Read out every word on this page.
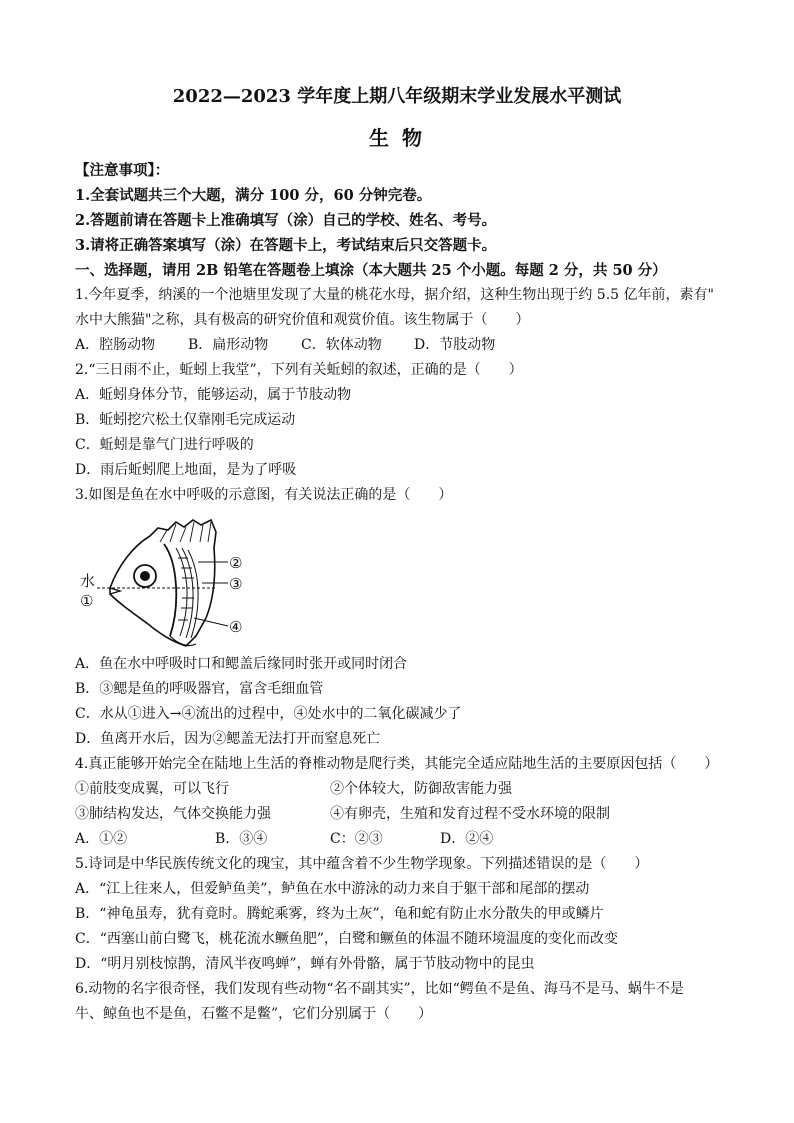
2022—2023 学年度上期八年级期末学业发展水平测试
生 物
【注意事项】：
1.全套试题共三个大题，满分 100 分，60 分钟完卷。
2.答题前请在答题卡上准确填写（涂）自己的学校、姓名、考号。
3.请将正确答案填写（涂）在答题卡上，考试结束后只交答题卡。
一、选择题，请用 2B 铅笔在答题卷上填涂（本大题共 25 个小题。每题 2 分，共 50 分）
1.今年夏季，纳溪的一个池塘里发现了大量的桃花水母，据介绍，这种生物出现于约 5.5 亿年前，素有"
水中大熊猫"之称，具有极高的研究价值和观赏价值。该生物属于（　　）
A．腔肠动物	B．扁形动物	C．软体动物	D．节肢动物
2.“三日雨不止，蚯蚓上我堂”，下列有关蚯蚓的叙述，正确的是（　　）
A．蚯蚓身体分节，能够运动，属于节肢动物
B．蚯蚓挖穴松土仅靠刚毛完成运动
C．蚯蚓是靠气门进行呼吸的
D．雨后蚯蚓爬上地面，是为了呼吸
3.如图是鱼在水中呼吸的示意图，有关说法正确的是（　　）
水
①
②
③
④
A．鱼在水中呼吸时口和鳃盖后缘同时张开或同时闭合
B．③鳃是鱼的呼吸器官，富含毛细血管
C．水从①进入→④流出的过程中，④处水中的二氧化碳减少了
D．鱼离开水后，因为②鳃盖无法打开而窒息死亡
4.真正能够开始完全在陆地上生活的脊椎动物是爬行类，其能完全适应陆地生活的主要原因包括（　　）
①前肢变成翼，可以飞行	②个体较大，防御敌害能力强
③肺结构发达，气体交换能力强	④有卵壳，生殖和发育过程不受水环境的限制
A．①②	B．③④	C：②③	D．②④
5.诗词是中华民族传统文化的瑰宝，其中蕴含着不少生物学现象。下列描述错误的是（　　）
A．“江上往来人，但爱鲈鱼美”，鲈鱼在水中游泳的动力来自于躯干部和尾部的摆动
B．“神龟虽寿，犹有竟时。腾蛇乘雾，终为土灰”，龟和蛇有防止水分散失的甲或鳞片
C．“西塞山前白鹭飞，桃花流水鳜鱼肥”，白鹭和鳜鱼的体温不随环境温度的变化而改变
D．“明月别枝惊鹊，清风半夜鸣蝉”，蝉有外骨骼，属于节肢动物中的昆虫
6.动物的名字很奇怪，我们发现有些动物“名不副其实”，比如“鳄鱼不是鱼、海马不是马、蜗牛不是
牛、鲸鱼也不是鱼，石鳖不是鳖”，它们分别属于（　　）
